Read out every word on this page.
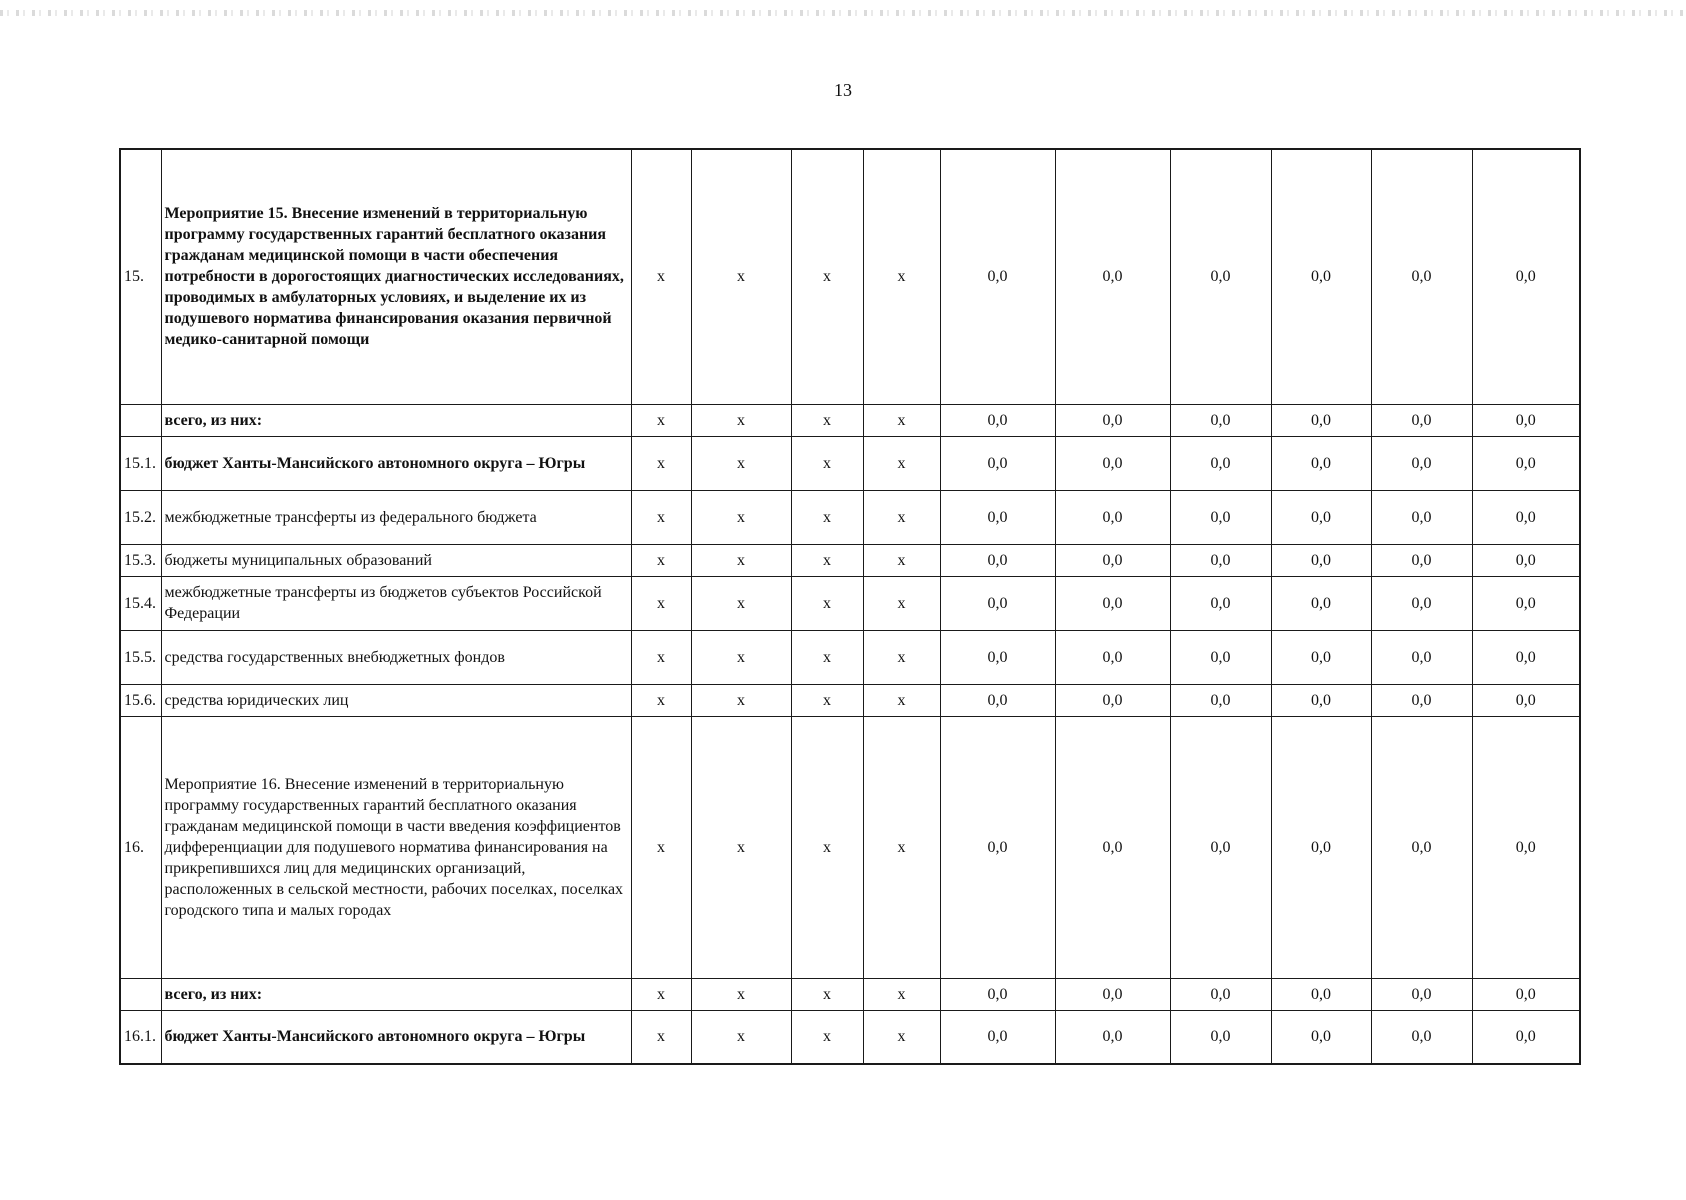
13
15.	Мероприятие 15. Внесение изменений в территориальную программу государственных гарантий бесплатного оказания гражданам медицинской помощи в части обеспечения потребности в дорогостоящих диагностических исследованиях, проводимых в амбулаторных условиях, и выделение их из подушевого норматива финансирования оказания первичной медико-санитарной помощи	x	x	x	x	0,0	0,0	0,0	0,0	0,0	0,0
	всего, из них:	x	x	x	x	0,0	0,0	0,0	0,0	0,0	0,0
15.1.	бюджет Ханты-Мансийского автономного округа – Югры	x	x	x	x	0,0	0,0	0,0	0,0	0,0	0,0
15.2.	межбюджетные трансферты из федерального бюджета	x	x	x	x	0,0	0,0	0,0	0,0	0,0	0,0
15.3.	бюджеты муниципальных образований	x	x	x	x	0,0	0,0	0,0	0,0	0,0	0,0
15.4.	межбюджетные трансферты из бюджетов субъектов Российской Федерации	x	x	x	x	0,0	0,0	0,0	0,0	0,0	0,0
15.5.	средства государственных внебюджетных фондов	x	x	x	x	0,0	0,0	0,0	0,0	0,0	0,0
15.6.	средства юридических лиц	x	x	x	x	0,0	0,0	0,0	0,0	0,0	0,0
16.	Мероприятие 16. Внесение изменений в территориальную программу государственных гарантий бесплатного оказания гражданам медицинской помощи в части введения коэффициентов дифференциации для подушевого норматива финансирования на прикрепившихся лиц для медицинских организаций, расположенных в сельской местности, рабочих поселках, поселках городского типа и малых городах	x	x	x	x	0,0	0,0	0,0	0,0	0,0	0,0
	всего, из них:	x	x	x	x	0,0	0,0	0,0	0,0	0,0	0,0
16.1.	бюджет Ханты-Мансийского автономного округа – Югры	x	x	x	x	0,0	0,0	0,0	0,0	0,0	0,0
